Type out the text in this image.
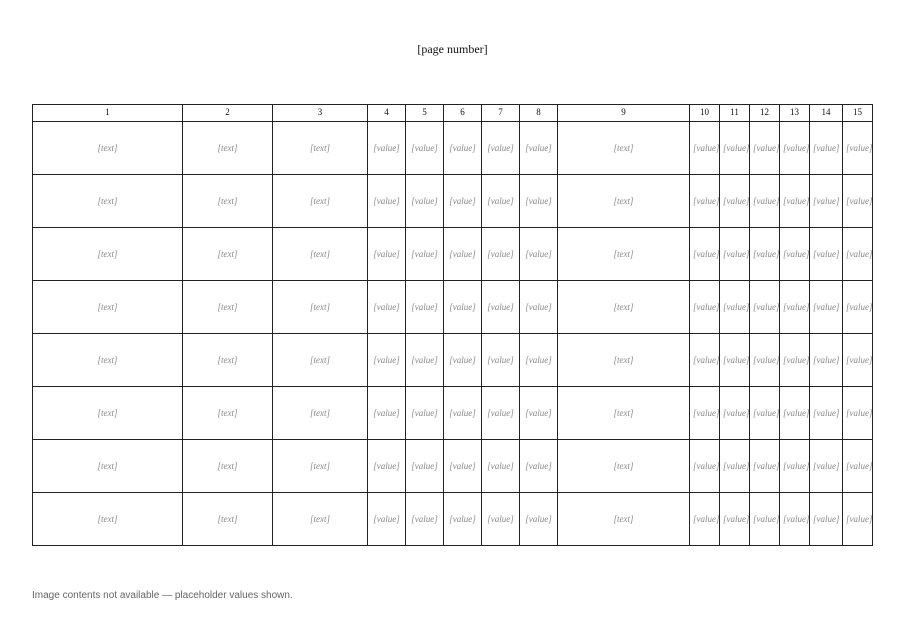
[page number]
1	2	3	4	5	6	7	8	9	10	11	12	13	14	15
[text]	[text]	[text]	[value]	[value]	[value]	[value]	[value]	[text]	[value]	[value]	[value]	[value]	[value]	[value]
[text]	[text]	[text]	[value]	[value]	[value]	[value]	[value]	[text]	[value]	[value]	[value]	[value]	[value]	[value]
[text]	[text]	[text]	[value]	[value]	[value]	[value]	[value]	[text]	[value]	[value]	[value]	[value]	[value]	[value]
[text]	[text]	[text]	[value]	[value]	[value]	[value]	[value]	[text]	[value]	[value]	[value]	[value]	[value]	[value]
[text]	[text]	[text]	[value]	[value]	[value]	[value]	[value]	[text]	[value]	[value]	[value]	[value]	[value]	[value]
[text]	[text]	[text]	[value]	[value]	[value]	[value]	[value]	[text]	[value]	[value]	[value]	[value]	[value]	[value]
[text]	[text]	[text]	[value]	[value]	[value]	[value]	[value]	[text]	[value]	[value]	[value]	[value]	[value]	[value]
[text]	[text]	[text]	[value]	[value]	[value]	[value]	[value]	[text]	[value]	[value]	[value]	[value]	[value]	[value]
Image contents not available — placeholder values shown.
